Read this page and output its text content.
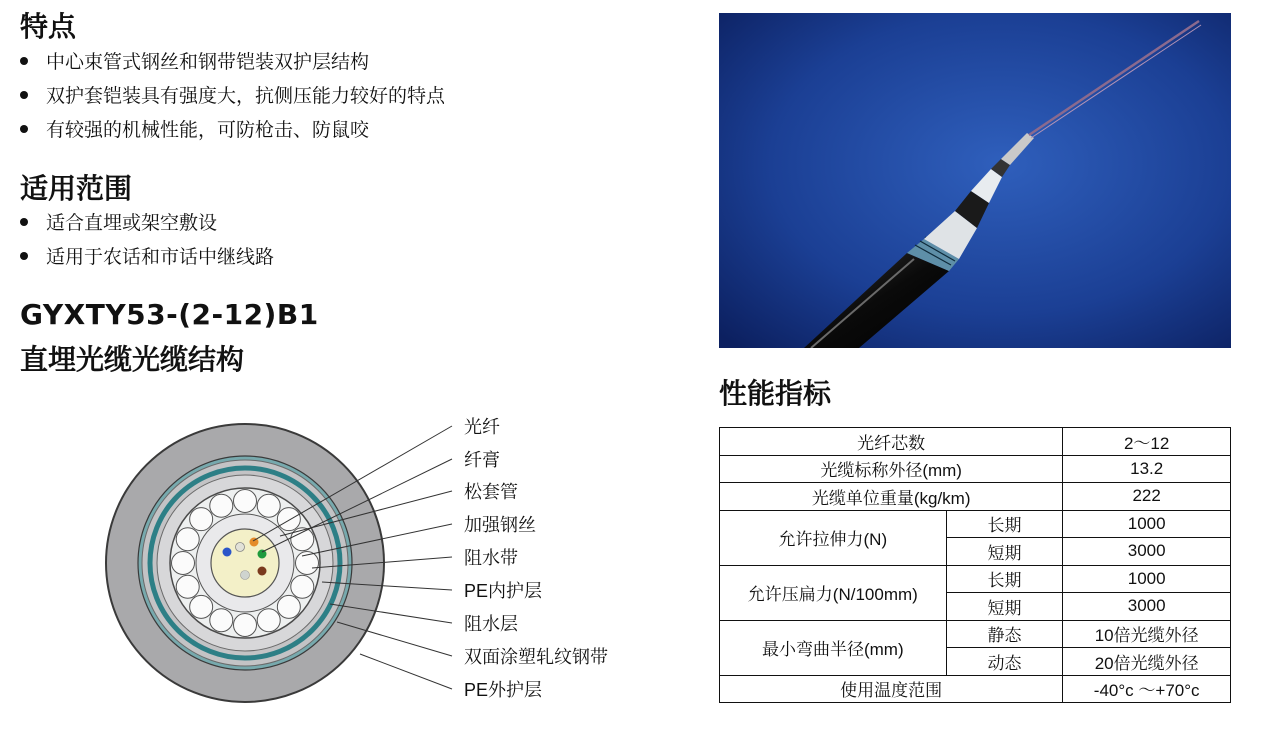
特点
中心束管式钢丝和钢带铠装双护层结构
双护套铠装具有强度大，抗侧压能力较好的特点
有较强的机械性能，可防枪击、防鼠咬
适用范围
适合直埋或架空敷设
适用于农话和市话中继线路
GYXTY53-(2-12)B1
直埋光缆光缆结构
光纤
纤膏
松套管
加强钢丝
阻水带
PE内护层
阻水层
双面涂塑轧纹钢带
PE外护层
性能指标
光纤芯数		2～12
光缆标称外径(mm)		13.2
光缆单位重量(kg/km)		222
允许拉伸力(N)	长期	1000
	短期	3000
允许压扁力(N/100mm)	长期	1000
	短期	3000
最小弯曲半径(mm)	静态	10倍光缆外径
	动态	20倍光缆外径
使用温度范围		-40°c ～+70°c
